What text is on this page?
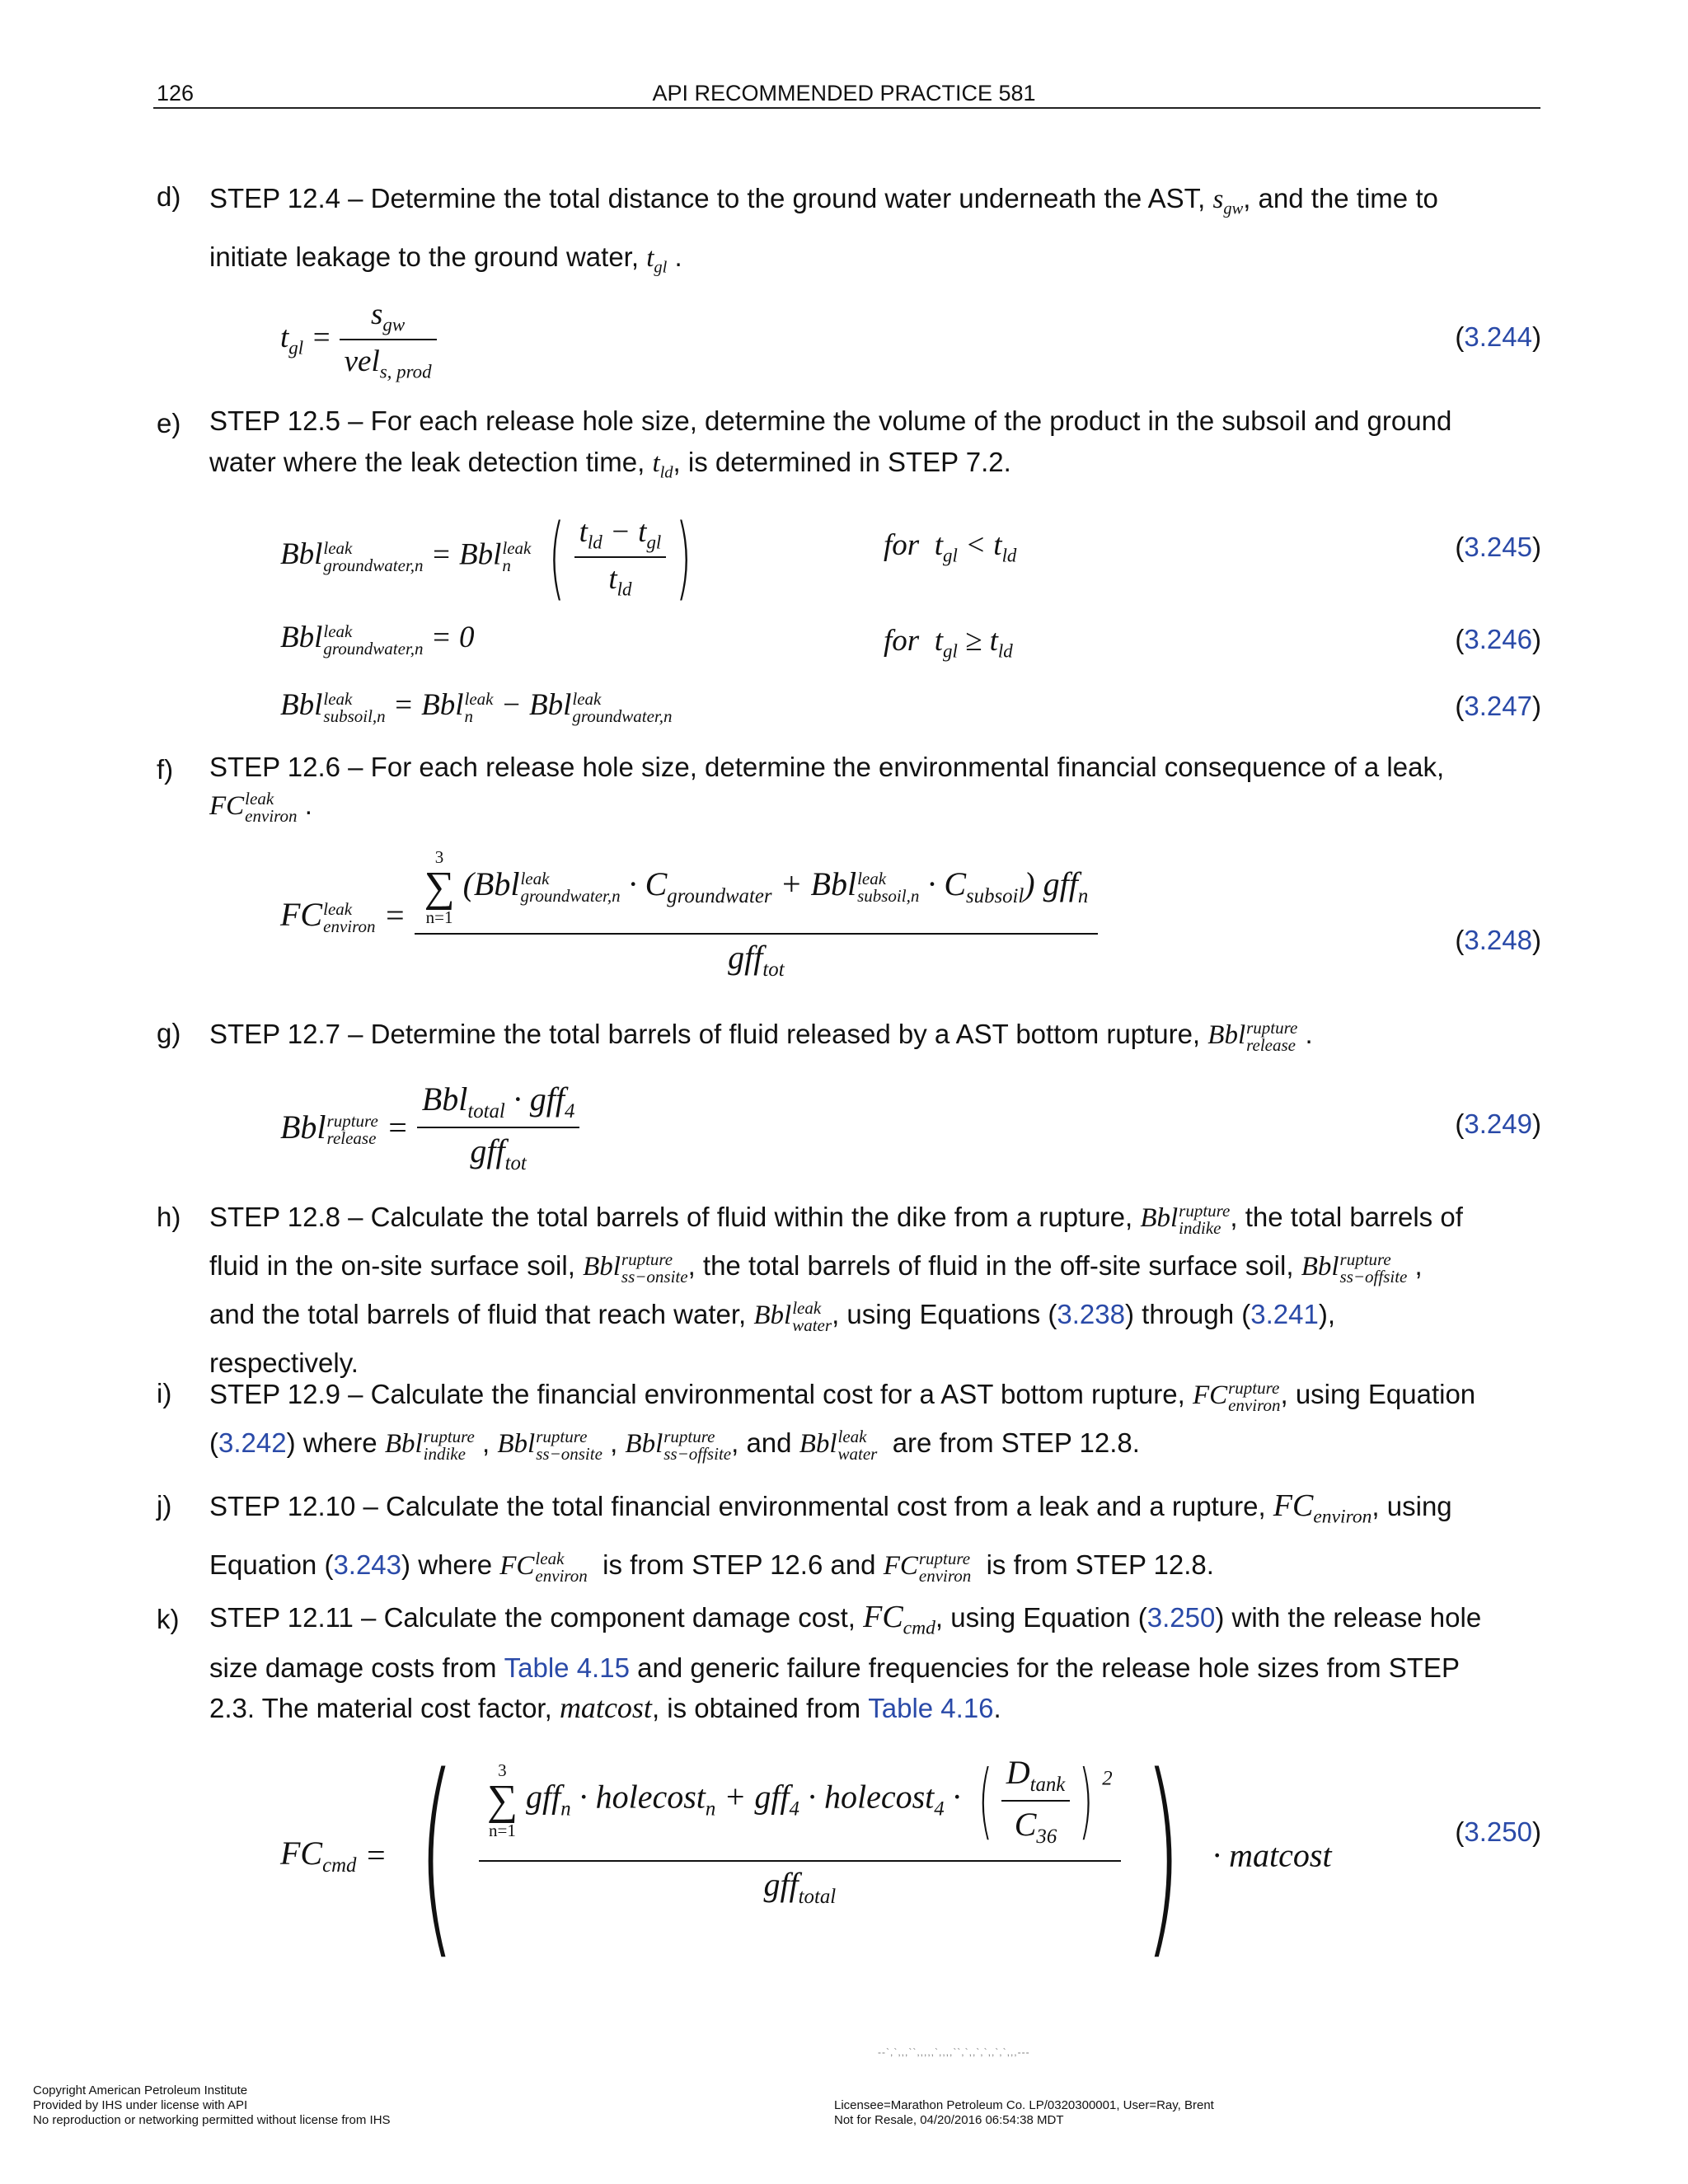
126	API RECOMMENDED PRACTICE 581
d) STEP 12.4 – Determine the total distance to the ground water underneath the AST, $s_{gw}$, and the time to
initiate leakage to the ground water, $t_{gl}$ .
$t_{gl} = \frac{s_{gw}}{vel_{s, prod}}$	(3.244)
e) STEP 12.5 – For each release hole size, determine the volume of the product in the subsoil and ground
water where the leak detection time, $t_{ld}$, is determined in STEP 7.2.
Bbl leak
groundwater,n = Bbl leak
n ( $\frac{t_{ld} - t_{gl}}{t_{ld}}$ )	for  $t_{gl} < t_{ld}$	(3.245)
Bbl leak
groundwater,n = 0	for  $t_{gl} \ge t_{ld}$	(3.246)
Bbl leak
subsoil,n = Bbl leak
n − Bbl leak
groundwater,n	(3.247)
f) STEP 12.6 – For each release hole size, determine the environmental financial consequence of a leak,
FC leak
environ .
FC leak
environ =
3
∑
n=1
(Bbl leak
groundwater,n · $C_{groundwater}$ + Bbl leak
subsoil,n · $C_{subsoil}$) gff$_n$
gff$_{tot}$
(3.248)
g) STEP 12.7 – Determine the total barrels of fluid released by a AST bottom rupture, Bbl rupture
release .
Bbl rupture
release = $\frac{Bbl_{total} \cdot gff_4}{gff_{tot}}$	(3.249)
h) STEP 12.8 – Calculate the total barrels of fluid within the dike from a rupture, Bbl rupture
indike , the total barrels of
fluid in the on-site surface soil, Bbl rupture
ss−onsite , the total barrels of fluid in the off-site surface soil, Bbl rupture
ss−offsite ,
and the total barrels of fluid that reach water, Bbl leak
water , using Equations (3.238) through (3.241),
respectively.
i) STEP 12.9 – Calculate the financial environmental cost for a AST bottom rupture, FC rupture
environ , using Equation
(3.242) where Bbl rupture
indike , Bbl rupture
ss−onsite , Bbl rupture
ss−offsite , and Bbl leak
water are from STEP 12.8.
j) STEP 12.10 – Calculate the total financial environmental cost from a leak and a rupture, $FC_{environ}$, using
Equation (3.243) where FC leak
environ is from STEP 12.6 and FC rupture
environ is from STEP 12.8.
k) STEP 12.11 – Calculate the component damage cost, $FC_{cmd}$, using Equation (3.250) with the release hole
size damage costs from Table 4.15 and generic failure frequencies for the release hole sizes from STEP
2.3. The material cost factor, matcost, is obtained from Table 4.16.
$FC_{cmd}$ = (	3
∑
n=1
gff$_n$ · holecost$_n$ + gff$_4$ · holecost$_4$ · ( $\frac{D_{tank}}{C_{36}}$ ) $^2$
gff$_{total}$	) · matcost
(3.250)
--`,`,,,``,,,,,`,,,,``,`,,`,`,,`,`,,,---
Copyright American Petroleum Institute
Provided by IHS under license with API
No reproduction or networking permitted without license from IHS
Licensee=Marathon Petroleum Co. LP/0320300001, User=Ray, Brent
Not for Resale, 04/20/2016 06:54:38 MDT
